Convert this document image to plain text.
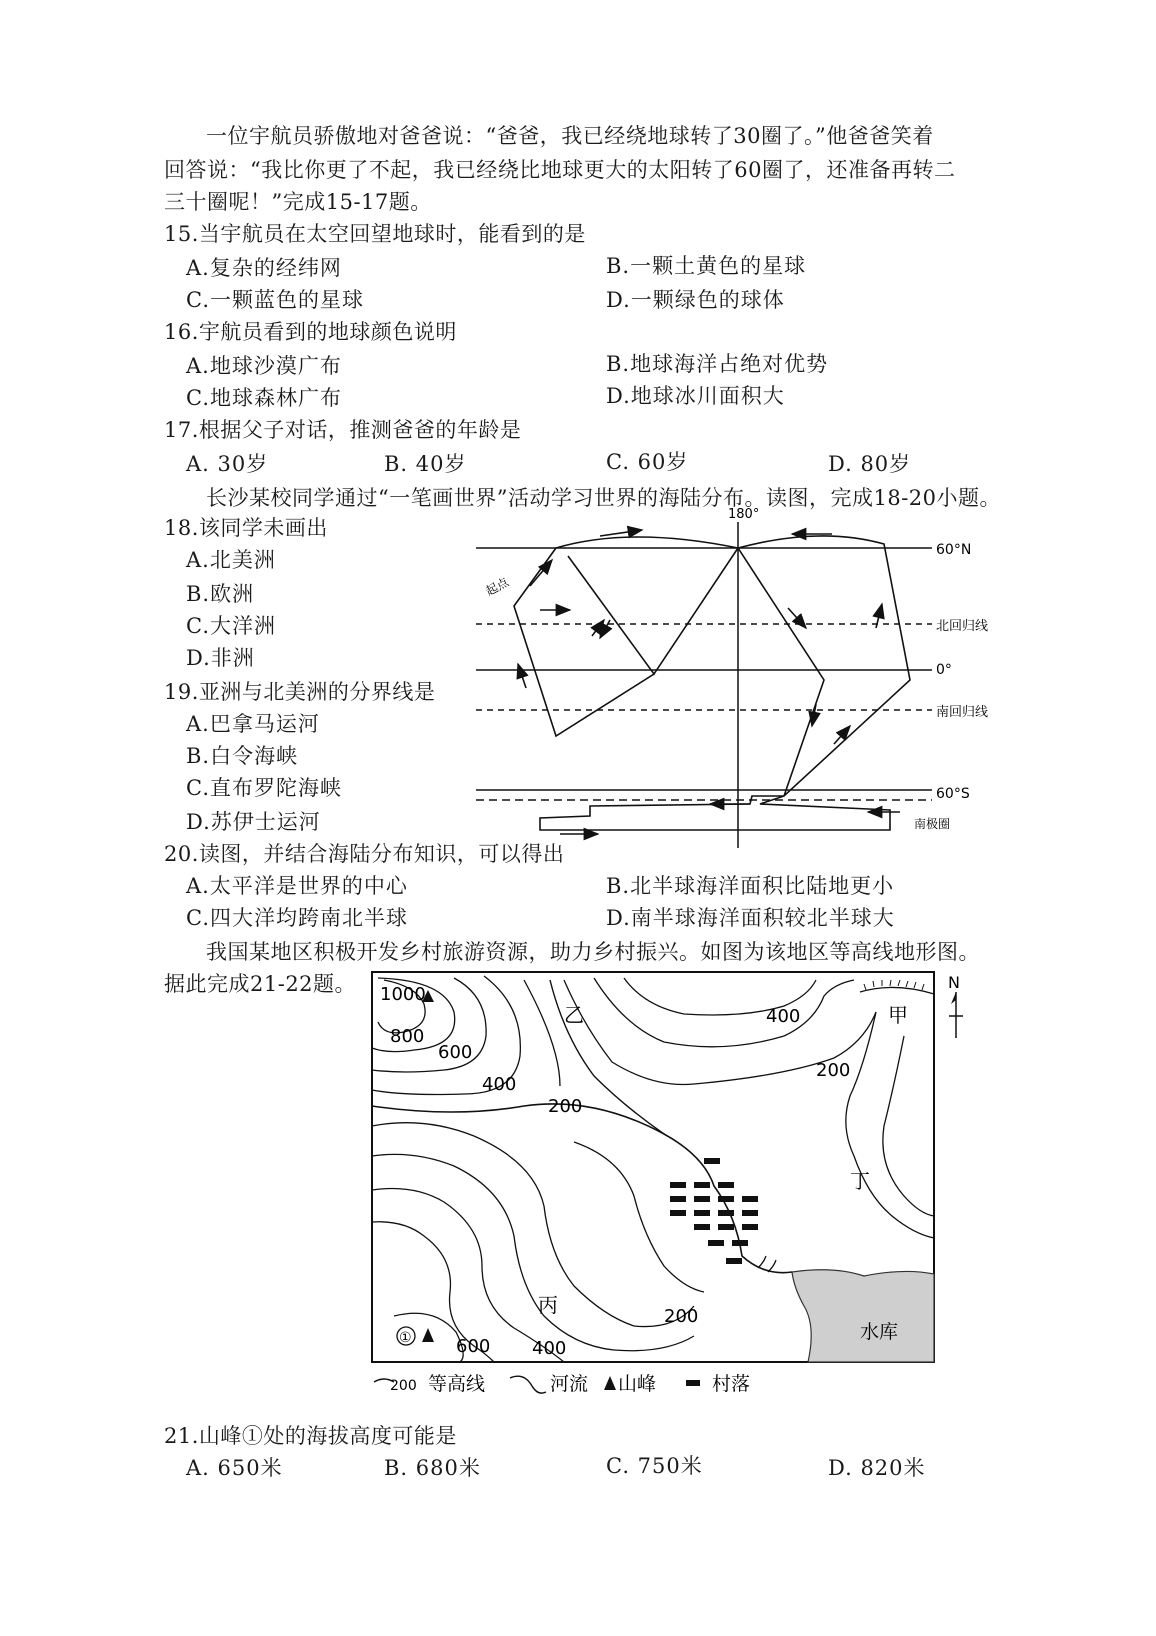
一位宇航员骄傲地对爸爸说：“爸爸，我已经绕地球转了30圈了。”他爸爸笑着
回答说：“我比你更了不起，我已经绕比地球更大的太阳转了60圈了，还准备再转二
三十圈呢！”完成15-17题。
15.当宇航员在太空回望地球时，能看到的是
A.复杂的经纬网	B.一颗土黄色的星球
C.一颗蓝色的星球	D.一颗绿色的球体
16.宇航员看到的地球颜色说明
A.地球沙漠广布	B.地球海洋占绝对优势
C.地球森林广布	D.地球冰川面积大
17.根据父子对话，推测爸爸的年龄是
A. 30岁	B. 40岁	C. 60岁	D. 80岁
长沙某校同学通过“一笔画世界”活动学习世界的海陆分布。读图，完成18-20小题。
18.该同学未画出
A.北美洲
B.欧洲
C.大洋洲
D.非洲
19.亚洲与北美洲的分界线是
A.巴拿马运河
B.白令海峡
C.直布罗陀海峡
D.苏伊士运河
180°
60°N
北回归线
0°
南回归线
60°S
南极圈
起点
20.读图，并结合海陆分布知识，可以得出
A.太平洋是世界的中心	B.北半球海洋面积比陆地更小
C.四大洋均跨南北半球	D.南半球海洋面积较北半球大
我国某地区积极开发乡村旅游资源，助力乡村振兴。如图为该地区等高线地形图。
据此完成21-22题。 1000
800
600
400
200
400
200
200
400
600
乙	甲
丁
丙
水库
N
①
200 等高线	河流 山峰	村落
21.山峰①处的海拔高度可能是
A. 650米	B. 680米	C. 750米	D. 820米
